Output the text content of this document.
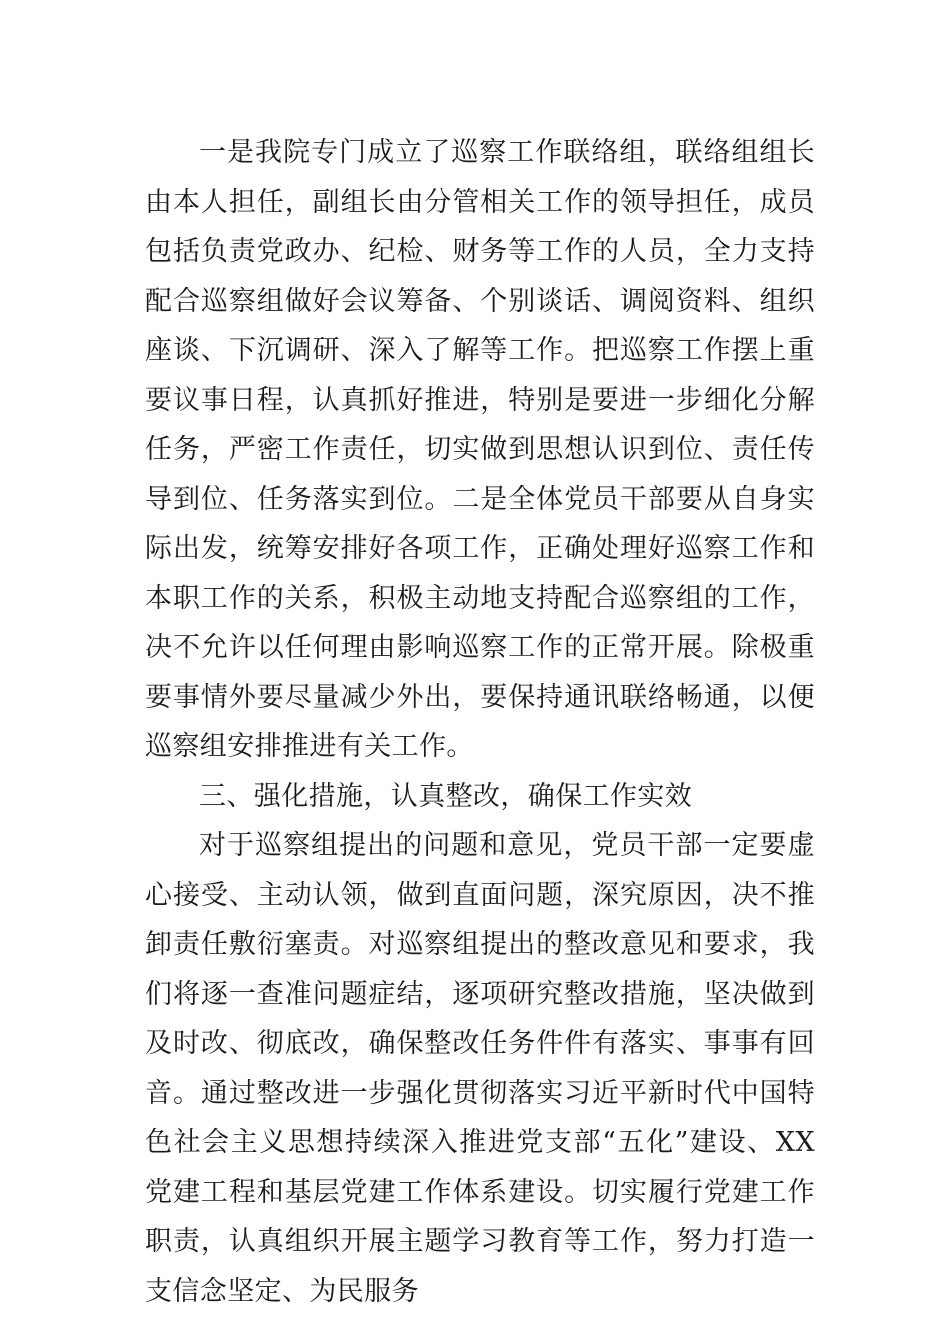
一是我院专门成立了巡察工作联络组，联络组组长由本人担任，副组长由分管相关工作的领导担任，成员包括负责党政办、纪检、财务等工作的人员，全力支持配合巡察组做好会议筹备、个别谈话、调阅资料、组织座谈、下沉调研、深入了解等工作。把巡察工作摆上重要议事日程，认真抓好推进，特别是要进一步细化分解任务，严密工作责任，切实做到思想认识到位、责任传导到位、任务落实到位。二是全体党员干部要从自身实际出发，统筹安排好各项工作，正确处理好巡察工作和本职工作的关系，积极主动地支持配合巡察组的工作，决不允许以任何理由影响巡察工作的正常开展。除极重要事情外要尽量减少外出，要保持通讯联络畅通，以便巡察组安排推进有关工作。

三、强化措施，认真整改，确保工作实效

对于巡察组提出的问题和意见，党员干部一定要虚心接受、主动认领，做到直面问题，深究原因，决不推卸责任敷衍塞责。对巡察组提出的整改意见和要求，我们将逐一查准问题症结，逐项研究整改措施，坚决做到及时改、彻底改，确保整改任务件件有落实、事事有回音。通过整改进一步强化贯彻落实习近平新时代中国特色社会主义思想持续深入推进党支部“五化”建设、XX党建工程和基层党建工作体系建设。切实履行党建工作职责，认真组织开展主题学习教育等工作，努力打造一支信念坚定、为民服务
